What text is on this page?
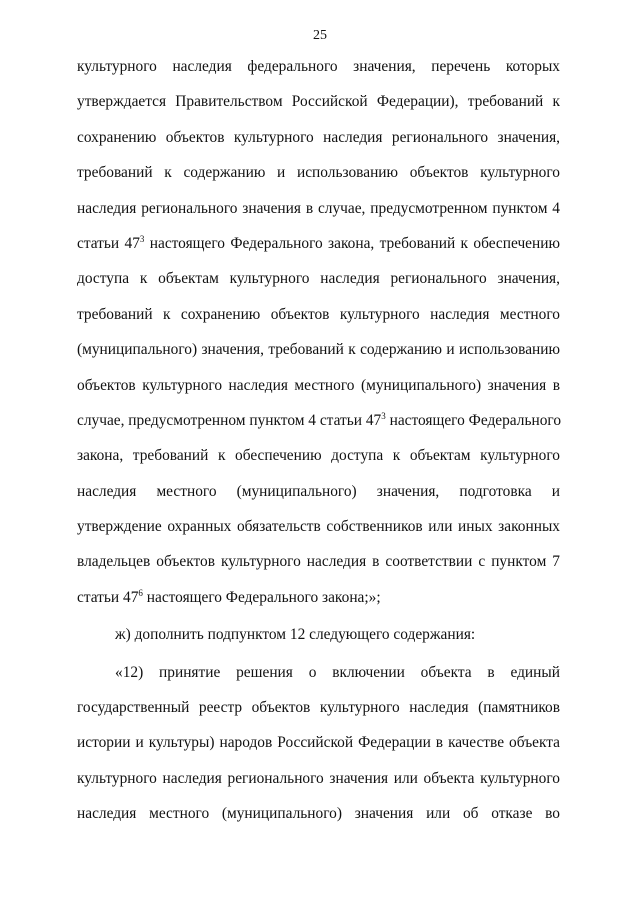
25
культурного наследия федерального значения, перечень которых
утверждается Правительством Российской Федерации), требований к
сохранению объектов культурного наследия регионального значения,
требований к содержанию и использованию объектов культурного
наследия регионального значения в случае, предусмотренном пунктом 4
статьи $47^3$ настоящего Федерального закона, требований к обеспечению
доступа к объектам культурного наследия регионального значения,
требований к сохранению объектов культурного наследия местного
(муниципального) значения, требований к содержанию и использованию
объектов культурного наследия местного (муниципального) значения в
случае, предусмотренном пунктом 4 статьи $47^3$ настоящего Федерального
закона, требований к обеспечению доступа к объектам культурного
наследия местного (муниципального) значения, подготовка и
утверждение охранных обязательств собственников или иных законных
владельцев объектов культурного наследия в соответствии с пунктом 7
статьи $47^6$ настоящего Федерального закона;»;
ж) дополнить подпунктом 12 следующего содержания:
«12) принятие решения о включении объекта в единый
государственный реестр объектов культурного наследия (памятников
истории и культуры) народов Российской Федерации в качестве объекта
культурного наследия регионального значения или объекта культурного
наследия местного (муниципального) значения или об отказе во
